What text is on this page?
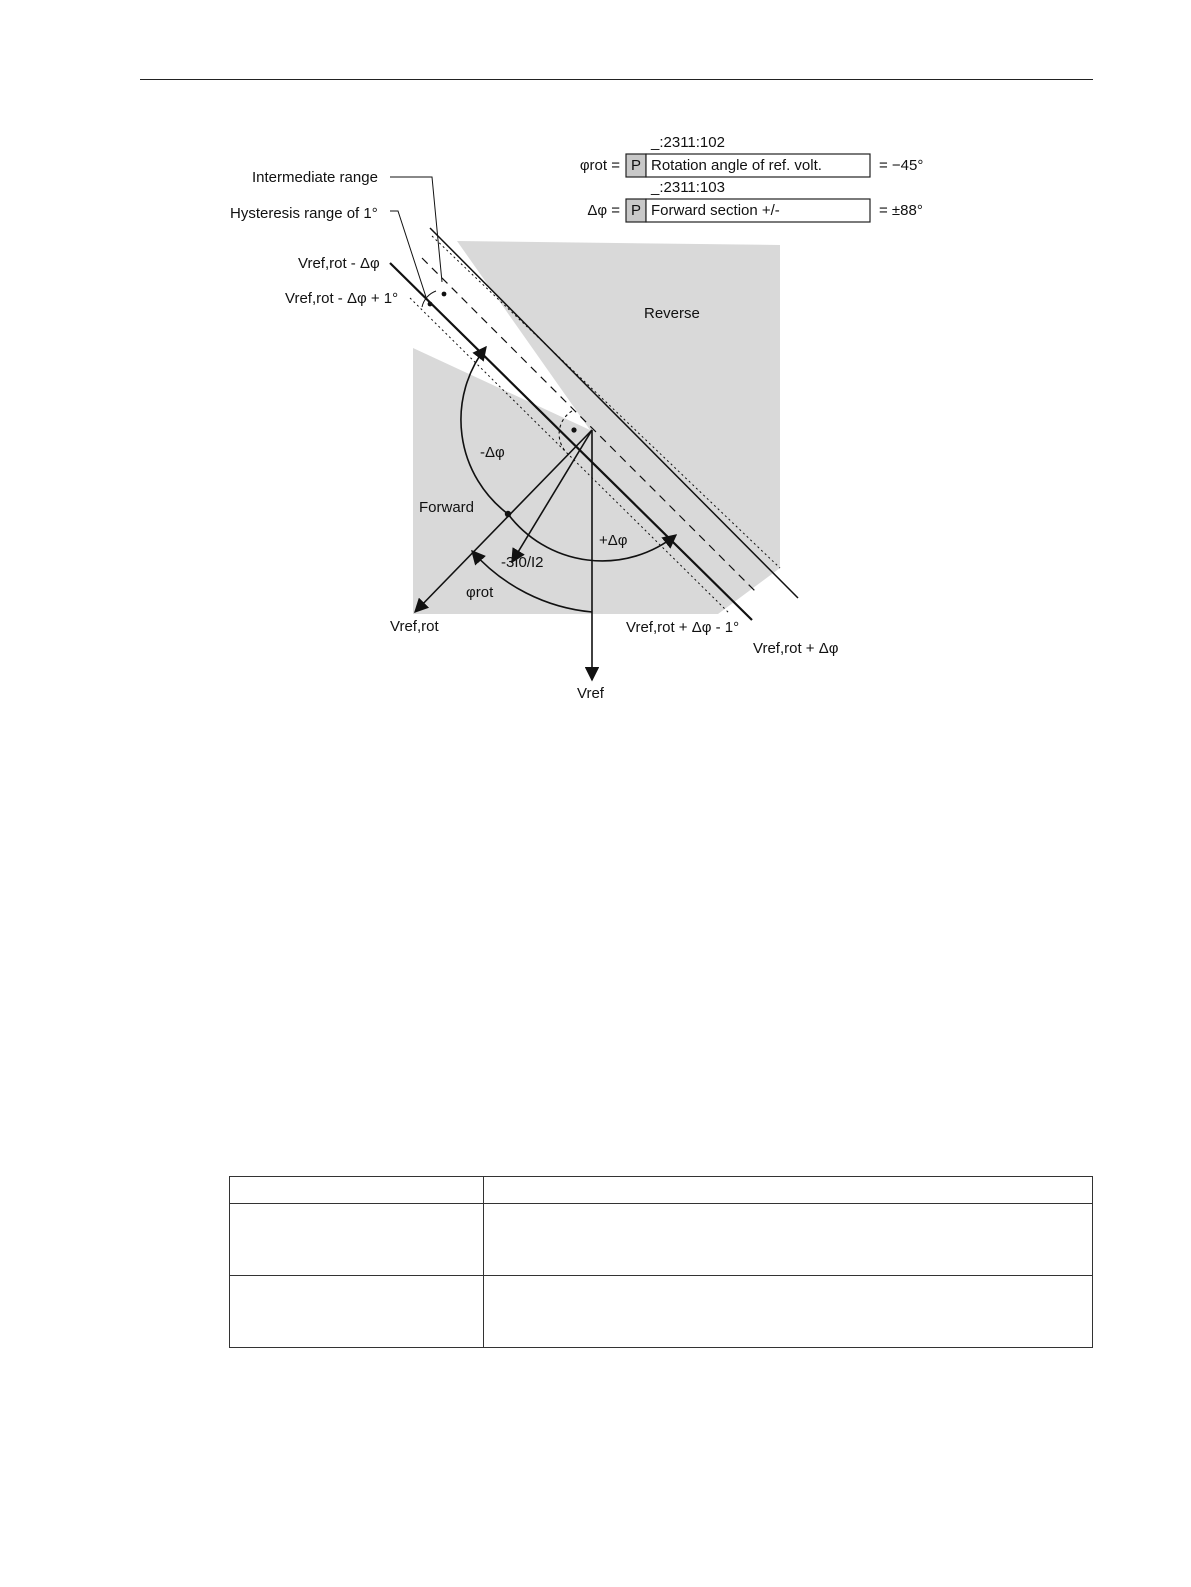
_:2311:102
φrot = P Rotation angle of ref. volt.	= −45°
_:2311:103
Δφ = P Forward section +/-	= ±88°
Intermediate range
Hysteresis range of 1°
Vref,rot - Δφ
Vref,rot - Δφ + 1°
Reverse
Forward
-Δφ
+Δφ
-3I0/I2
φrot
Vref,rot	Vref,rot + Δφ - 1°
Vref,rot + Δφ
Vref
